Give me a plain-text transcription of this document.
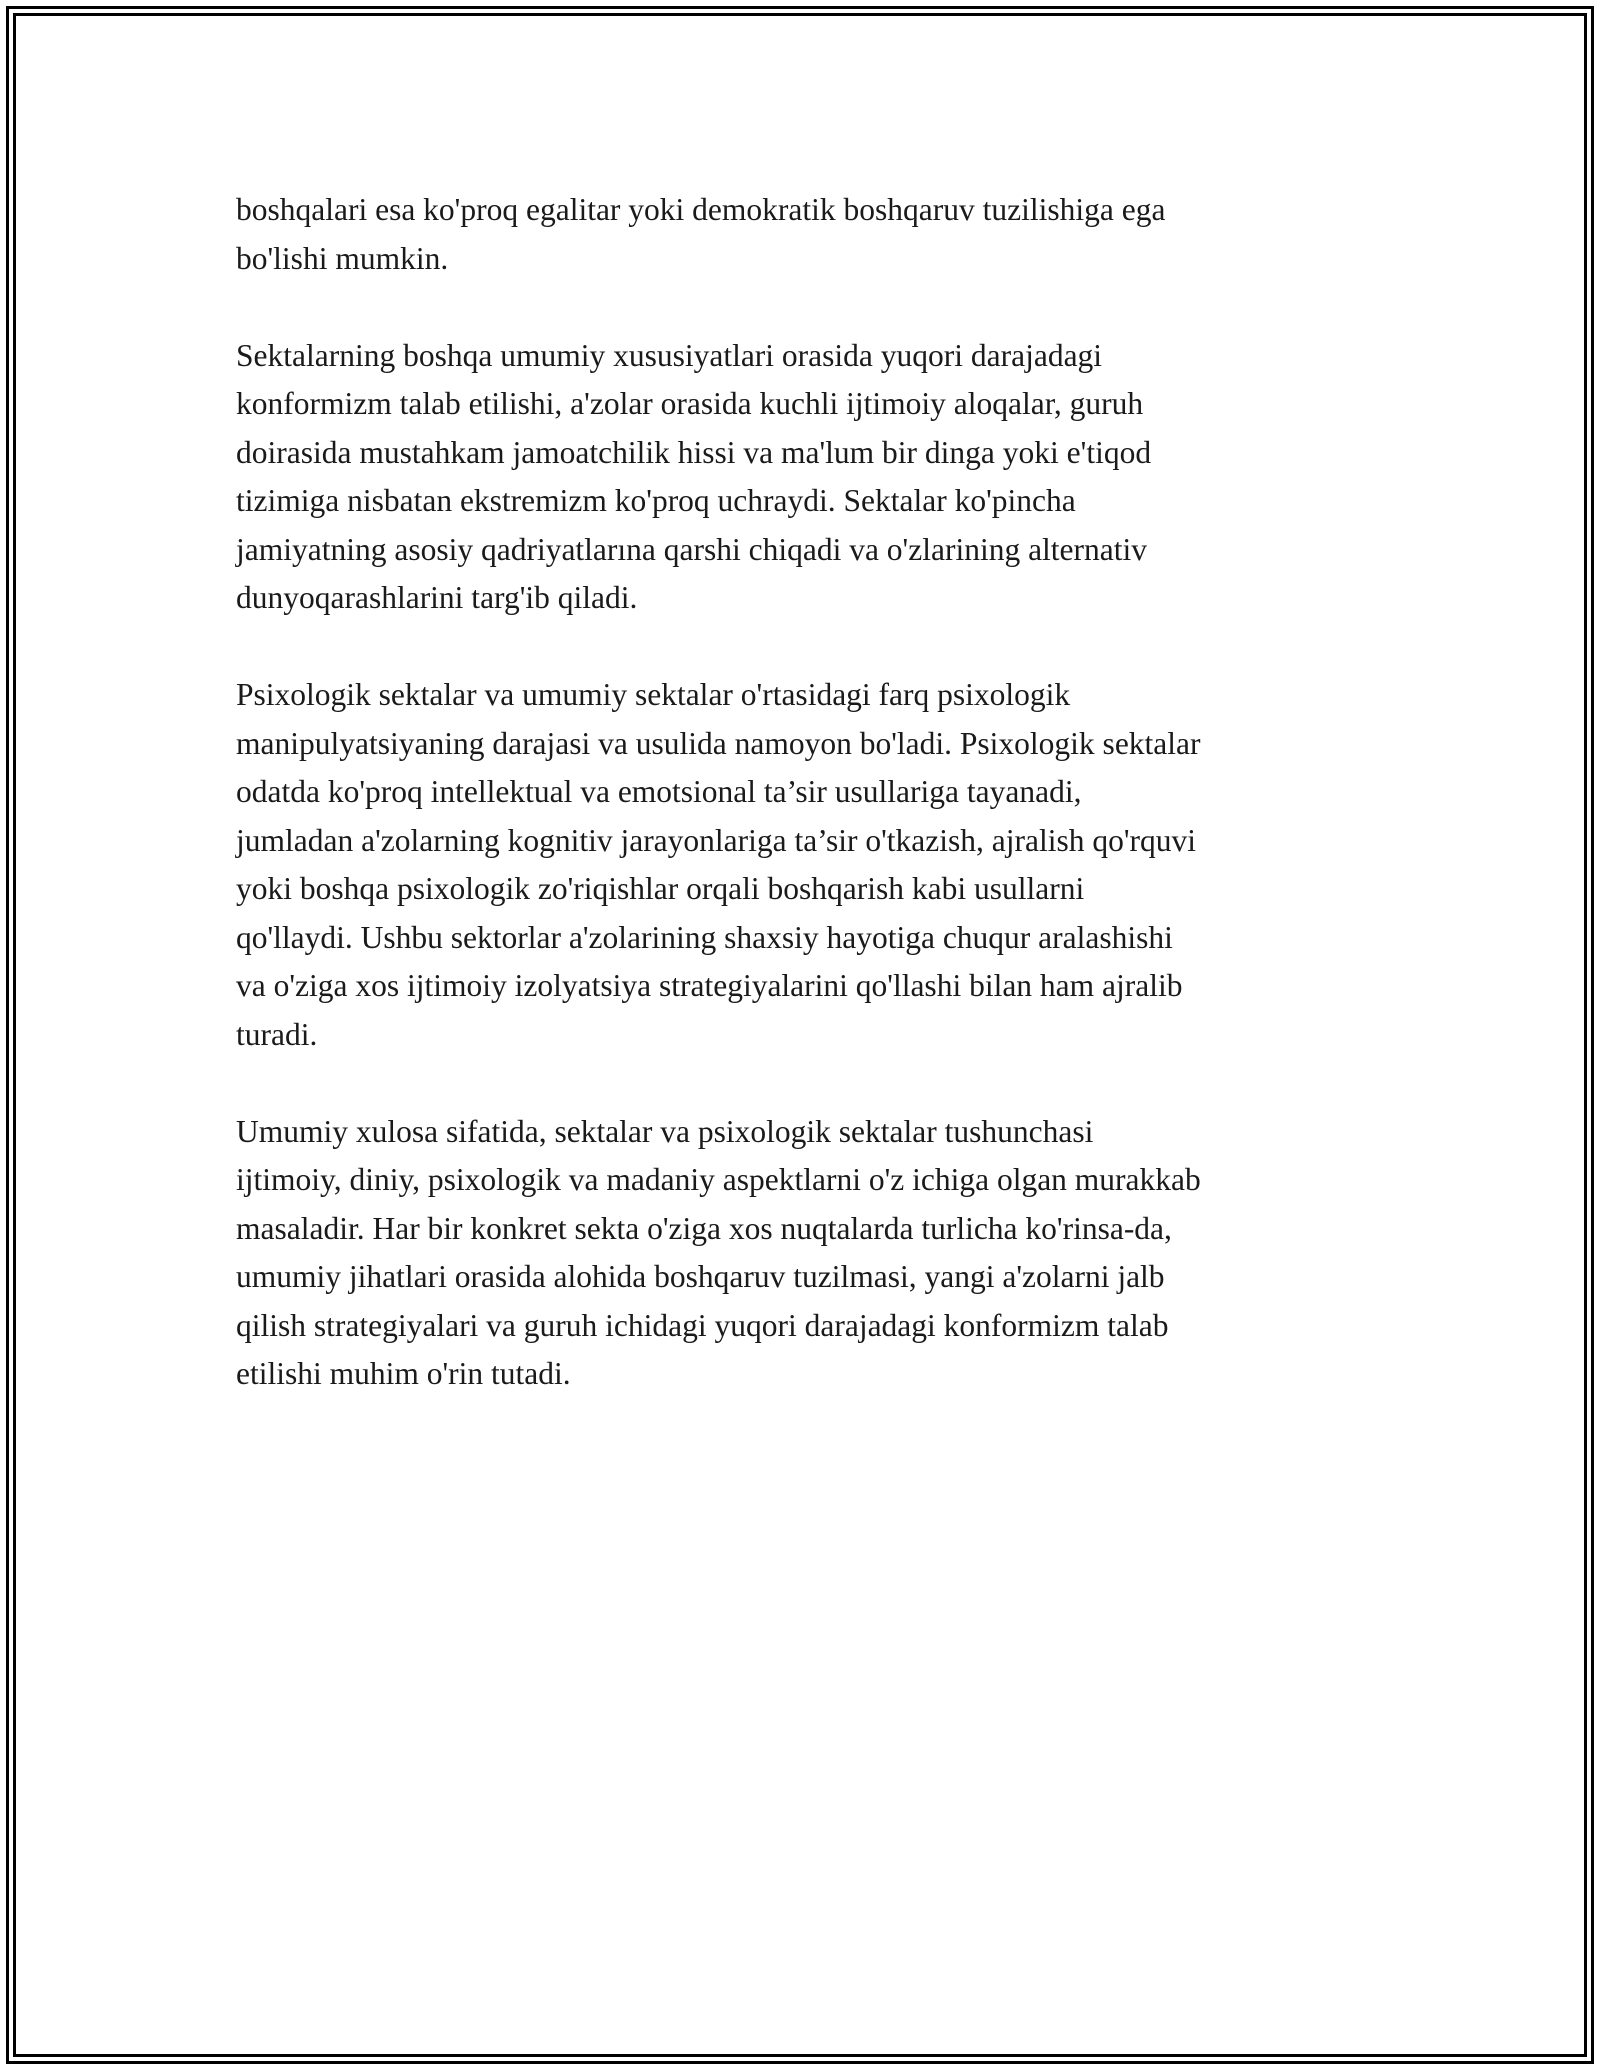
boshqalari esa ko'proq egalitar yoki demokratik boshqaruv tuzilishiga ega
bo'lishi mumkin.

Sektalarning boshqa umumiy xususiyatlari orasida yuqori darajadagi
konformizm talab etilishi, a'zolar orasida kuchli ijtimoiy aloqalar, guruh
doirasida mustahkam jamoatchilik hissi va ma'lum bir dinga yoki e'tiqod
tizimiga nisbatan ekstremizm ko'proq uchraydi. Sektalar ko'pincha
jamiyatning asosiy qadriyatlarına qarshi chiqadi va o'zlarining alternativ
dunyoqarashlarini targ'ib qiladi.

Psixologik sektalar va umumiy sektalar o'rtasidagi farq psixologik
manipulyatsiyaning darajasi va usulida namoyon bo'ladi. Psixologik sektalar
odatda ko'proq intellektual va emotsional ta’sir usullariga tayanadi,
jumladan a'zolarning kognitiv jarayonlariga ta’sir o'tkazish, ajralish qo'rquvi
yoki boshqa psixologik zo'riqishlar orqali boshqarish kabi usullarni
qo'llaydi. Ushbu sektorlar a'zolarining shaxsiy hayotiga chuqur aralashishi
va o'ziga xos ijtimoiy izolyatsiya strategiyalarini qo'llashi bilan ham ajralib
turadi.

Umumiy xulosa sifatida, sektalar va psixologik sektalar tushunchasi
ijtimoiy, diniy, psixologik va madaniy aspektlarni o'z ichiga olgan murakkab
masaladir. Har bir konkret sekta o'ziga xos nuqtalarda turlicha ko'rinsa-da,
umumiy jihatlari orasida alohida boshqaruv tuzilmasi, yangi a'zolarni jalb
qilish strategiyalari va guruh ichidagi yuqori darajadagi konformizm talab
etilishi muhim o'rin tutadi.
